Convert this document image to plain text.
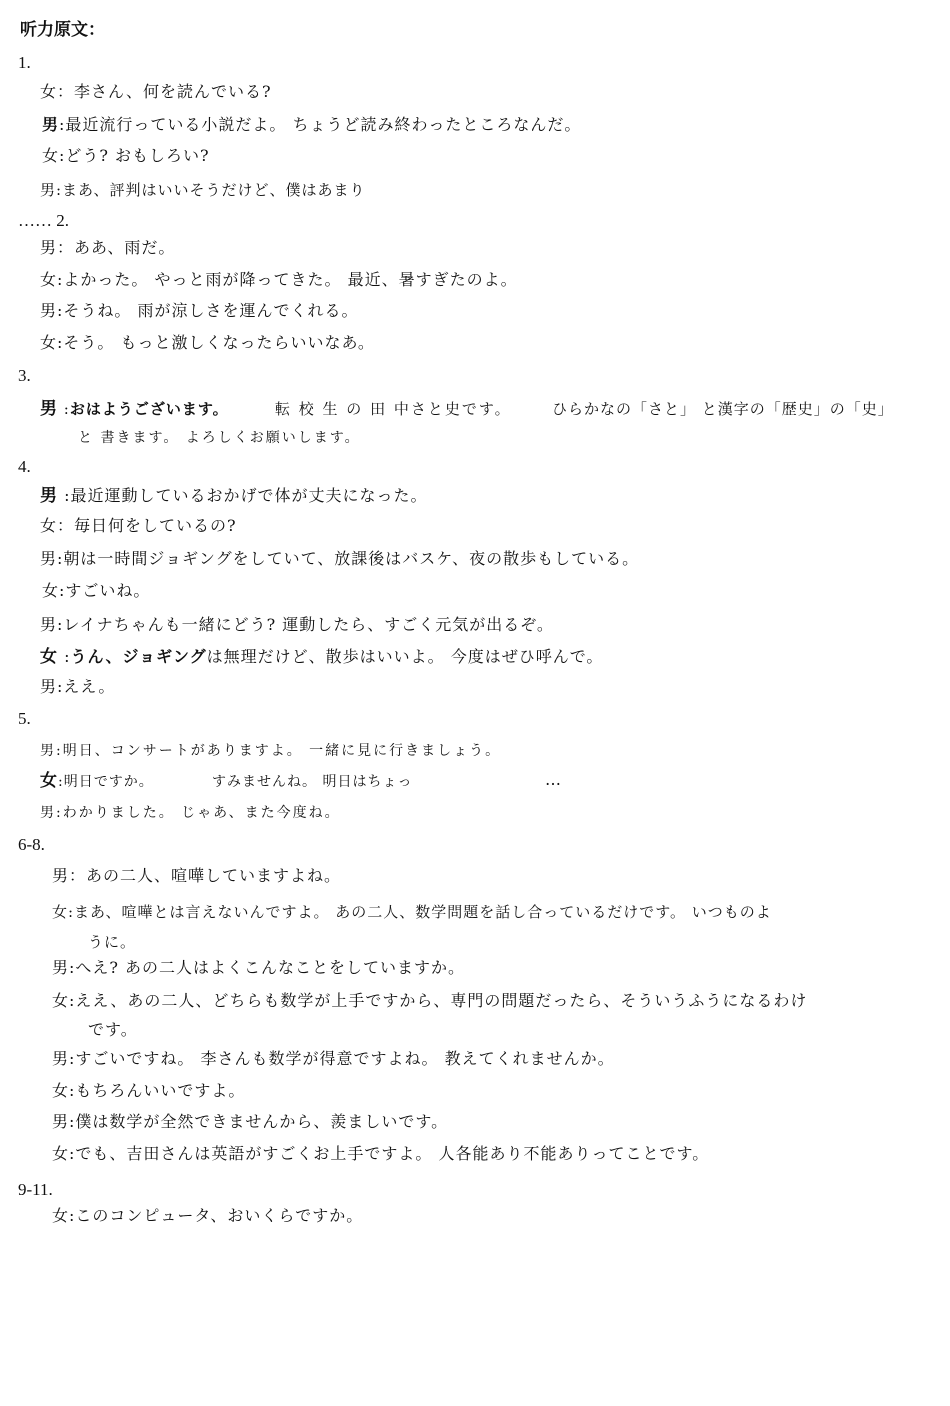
听力原文：
1.
女：李さん、何を読んでいる?
男:最近流行っている小説だよ。 ちょうど読み終わったところなんだ。
女:どう? おもしろい?
男:まあ、評判はいいそうだけど、僕はあまり
…… 2.
男：ああ、雨だ。
女:よかった。 やっと雨が降ってきた。 最近、暑すぎたのよ。
男:そうね。 雨が涼しさを運んでくれる。
女:そう。 もっと激しくなったらいいなあ。
3.
男 :おはようございます。	転 校 生 の 田 中さと史です。	ひらかなの「さと」 と漢字の「歴史」の「史」
と 書きます。 よろしくお願いします。
4.
男 :最近運動しているおかげで体が丈夫になった。
女：毎日何をしているの?
男:朝は一時間ジョギングをしていて、放課後はバスケ、夜の散歩もしている。
女:すごいね。
男:レイナちゃんも一緒にどう? 運動したら、すごく元気が出るぞ。
女 :うん、ジョギングは無理だけど、散歩はいいよ。 今度はぜひ呼んで。
男:ええ。
5.
男:明日、コンサートがありますよ。 一緒に見に行きましょう。
女:明日ですか。	すみませんね。 明日はちょっ	…
男:わかりました。 じゃあ、また今度ね。
6-8.
男：あの二人、喧嘩していますよね。
女:まあ、喧嘩とは言えないんですよ。 あの二人、数学問題を話し合っているだけです。 いつものよ
うに。
男:へえ? あの二人はよくこんなことをしていますか。
女:ええ、あの二人、どちらも数学が上手ですから、専門の問題だったら、そういうふうになるわけ
です。
男:すごいですね。 李さんも数学が得意ですよね。 教えてくれませんか。
女:もちろんいいですよ。
男:僕は数学が全然できませんから、羨ましいです。
女:でも、吉田さんは英語がすごくお上手ですよ。 人各能あり不能ありってことです。
9-11.
女:このコンピュータ、おいくらですか。
